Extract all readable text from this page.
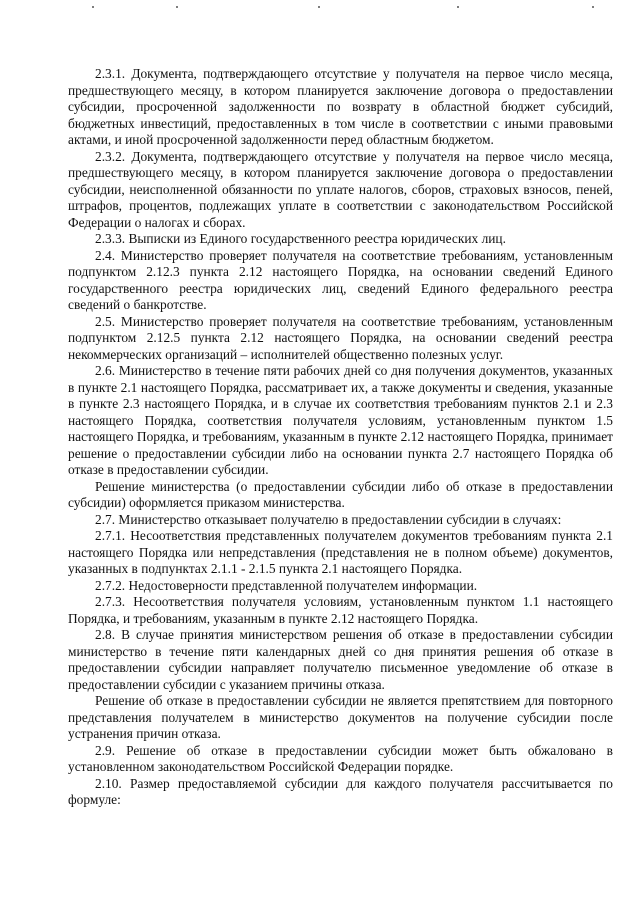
2.3.1. Документа, подтверждающего отсутствие у получателя на первое число месяца, предшествующего месяцу, в котором планируется заключение договора о предоставлении субсидии, просроченной задолженности по возврату в областной бюджет субсидий, бюджетных инвестиций, предоставленных в том числе в соответствии с иными правовыми актами, и иной просроченной задолженности перед областным бюджетом.

2.3.2. Документа, подтверждающего отсутствие у получателя на первое число месяца, предшествующего месяцу, в котором планируется заключение договора о предоставлении субсидии, неисполненной обязанности по уплате налогов, сборов, страховых взносов, пеней, штрафов, процентов, подлежащих уплате в соответствии с законодательством Российской Федерации о налогах и сборах.

2.3.3. Выписки из Единого государственного реестра юридических лиц.

2.4. Министерство проверяет получателя на соответствие требованиям, установленным подпунктом 2.12.3 пункта 2.12 настоящего Порядка, на основании сведений Единого государственного реестра юридических лиц, сведений Единого федерального реестра сведений о банкротстве.

2.5. Министерство проверяет получателя на соответствие требованиям, установленным подпунктом 2.12.5 пункта 2.12 настоящего Порядка, на основании сведений реестра некоммерческих организаций – исполнителей общественно полезных услуг.

2.6. Министерство в течение пяти рабочих дней со дня получения документов, указанных в пункте 2.1 настоящего Порядка, рассматривает их, а также документы и сведения, указанные в пункте 2.3 настоящего Порядка, и в случае их соответствия требованиям пунктов 2.1 и 2.3 настоящего Порядка, соответствия получателя условиям, установленным пунктом 1.5 настоящего Порядка, и требованиям, указанным в пункте 2.12 настоящего Порядка, принимает решение о предоставлении субсидии либо на основании пункта 2.7 настоящего Порядка об отказе в предоставлении субсидии.

Решение министерства (о предоставлении субсидии либо об отказе в предоставлении субсидии) оформляется приказом министерства.

2.7. Министерство отказывает получателю в предоставлении субсидии в случаях:

2.7.1. Несоответствия представленных получателем документов требованиям пункта 2.1 настоящего Порядка или непредставления (представления не в полном объеме) документов, указанных в подпунктах 2.1.1 - 2.1.5 пункта 2.1 настоящего Порядка.

2.7.2. Недостоверности представленной получателем информации.

2.7.3. Несоответствия получателя условиям, установленным пунктом 1.1 настоящего Порядка, и требованиям, указанным в пункте 2.12 настоящего Порядка.

2.8. В случае принятия министерством решения об отказе в предоставлении субсидии министерство в течение пяти календарных дней со дня принятия решения об отказе в предоставлении субсидии направляет получателю письменное уведомление об отказе в предоставлении субсидии с указанием причины отказа.

Решение об отказе в предоставлении субсидии не является препятствием для повторного представления получателем в министерство документов на получение субсидии после устранения причин отказа.

2.9. Решение об отказе в предоставлении субсидии может быть обжаловано в установленном законодательством Российской Федерации порядке.

2.10. Размер предоставляемой субсидии для каждого получателя рассчитывается по формуле:
